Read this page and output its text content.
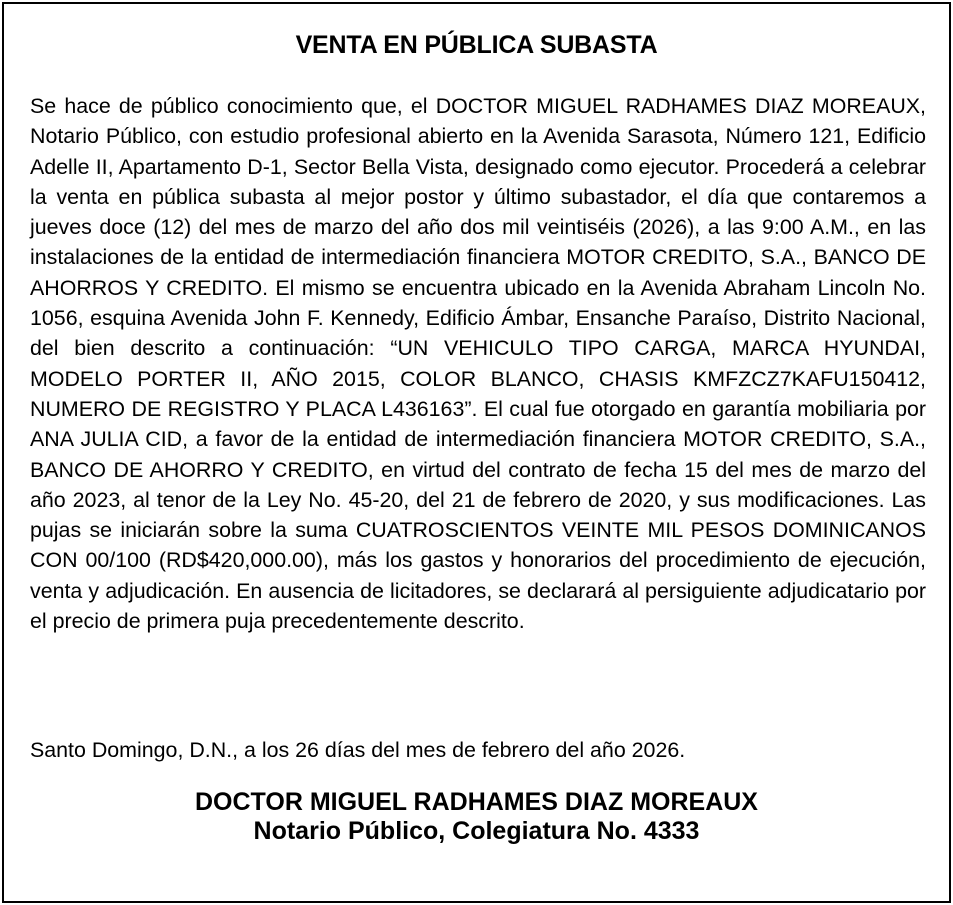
VENTA EN PÚBLICA SUBASTA

Se hace de público conocimiento que, el DOCTOR MIGUEL RADHAMES DIAZ MOREAUX, Notario Público, con estudio profesional abierto en la Avenida Sarasota, Número 121, Edificio Adelle II, Apartamento D-1, Sector Bella Vista, designado como ejecutor. Procederá a celebrar la venta en pública subasta al mejor postor y último subastador, el día que contaremos a jueves doce (12) del mes de marzo del año dos mil veintiséis (2026), a las 9:00 A.M., en las instalaciones de la entidad de intermediación financiera MOTOR CREDITO, S.A., BANCO DE AHORROS Y CREDITO. El mismo se encuentra ubicado en la Avenida Abraham Lincoln No. 1056, esquina Avenida John F. Kennedy, Edificio Ámbar, Ensanche Paraíso, Distrito Nacional, del bien descrito a continuación: “UN VEHICULO TIPO CARGA, MARCA HYUNDAI, MODELO PORTER II, AÑO 2015, COLOR BLANCO, CHASIS KMFZCZ7KAFU150412, NUMERO DE REGISTRO Y PLACA L436163”. El cual fue otorgado en garantía mobiliaria por ANA JULIA CID, a favor de la entidad de intermediación financiera MOTOR CREDITO, S.A., BANCO DE AHORRO Y CREDITO, en virtud del contrato de fecha 15 del mes de marzo del año 2023, al tenor de la Ley No. 45-20, del 21 de febrero de 2020, y sus modificaciones. Las pujas se iniciarán sobre la suma CUATROSCIENTOS VEINTE MIL PESOS DOMINICANOS CON 00/100 (RD$420,000.00), más los gastos y honorarios del procedimiento de ejecución, venta y adjudicación. En ausencia de licitadores, se declarará al persiguiente adjudicatario por el precio de primera puja precedentemente descrito.

Santo Domingo, D.N., a los 26 días del mes de febrero del año 2026.

DOCTOR MIGUEL RADHAMES DIAZ MOREAUX
Notario Público, Colegiatura No. 4333
